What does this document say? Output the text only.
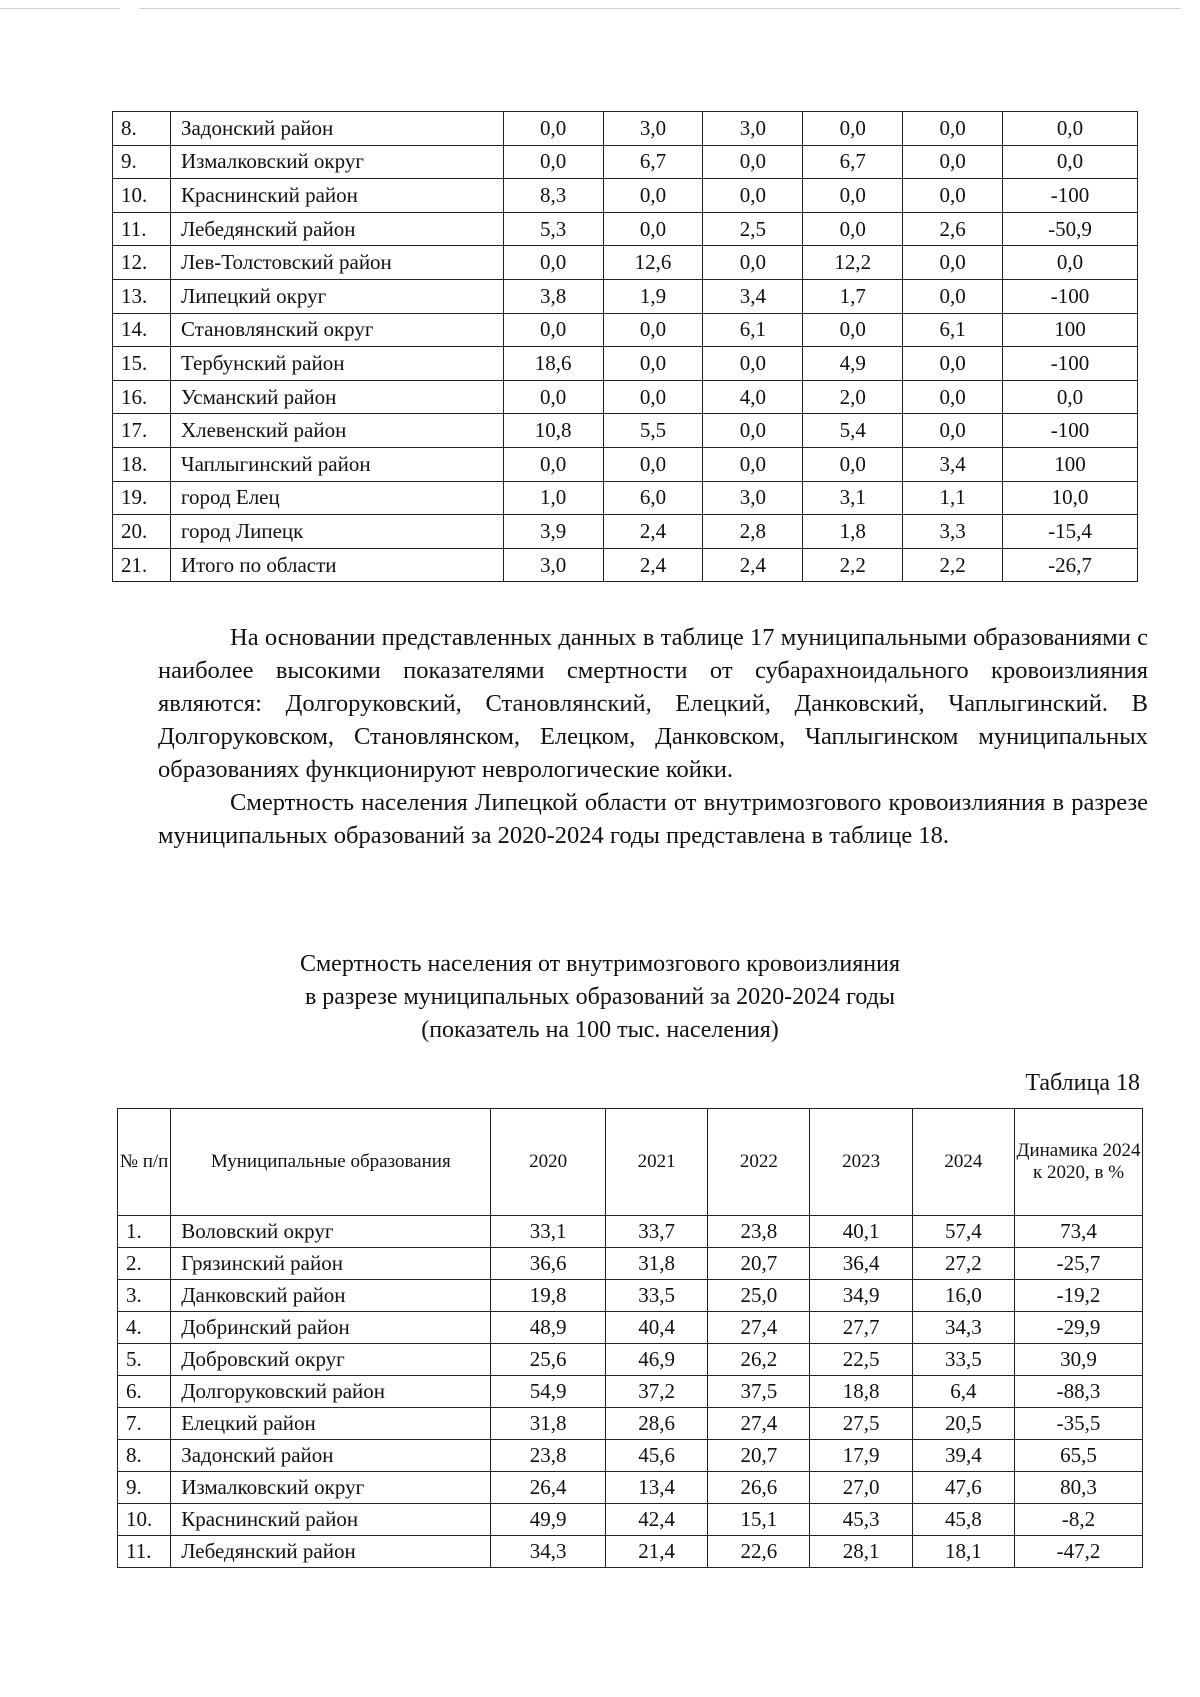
8.	Задонский район	0,0	3,0	3,0	0,0	0,0	0,0
9.	Измалковский округ	0,0	6,7	0,0	6,7	0,0	0,0
10.	Краснинский район	8,3	0,0	0,0	0,0	0,0	-100
11.	Лебедянский район	5,3	0,0	2,5	0,0	2,6	-50,9
12.	Лев-Толстовский район	0,0	12,6	0,0	12,2	0,0	0,0
13.	Липецкий округ	3,8	1,9	3,4	1,7	0,0	-100
14.	Становлянский округ	0,0	0,0	6,1	0,0	6,1	100
15.	Тербунский район	18,6	0,0	0,0	4,9	0,0	-100
16.	Усманский район	0,0	0,0	4,0	2,0	0,0	0,0
17.	Хлевенский район	10,8	5,5	0,0	5,4	0,0	-100
18.	Чаплыгинский район	0,0	0,0	0,0	0,0	3,4	100
19.	город Елец	1,0	6,0	3,0	3,1	1,1	10,0
20.	город Липецк	3,9	2,4	2,8	1,8	3,3	-15,4
21.	Итого по области	3,0	2,4	2,4	2,2	2,2	-26,7

На основании представленных данных в таблице 17 муниципальными образованиями с наиболее высокими показателями смертности от субарахноидального кровоизлияния являются: Долгоруковский, Становлянский, Елецкий, Данковский, Чаплыгинский. В Долгоруковском, Становлянском, Елецком, Данковском, Чаплыгинском муниципальных образованиях функционируют неврологические койки.

Смертность населения Липецкой области от внутримозгового кровоизлияния в разрезе муниципальных образований за 2020-2024 годы представлена в таблице 18.

Смертность населения от внутримозгового кровоизлияния
в разрезе муниципальных образований за 2020-2024 годы
(показатель на 100 тыс. населения)
Таблица 18
№ п/п	Муниципальные образования	2020	2021	2022	2023	2024	Динамика 2024 к 2020, в %
1.	Воловский округ	33,1	33,7	23,8	40,1	57,4	73,4
2.	Грязинский район	36,6	31,8	20,7	36,4	27,2	-25,7
3.	Данковский район	19,8	33,5	25,0	34,9	16,0	-19,2
4.	Добринский район	48,9	40,4	27,4	27,7	34,3	-29,9
5.	Добровский округ	25,6	46,9	26,2	22,5	33,5	30,9
6.	Долгоруковский район	54,9	37,2	37,5	18,8	6,4	-88,3
7.	Елецкий район	31,8	28,6	27,4	27,5	20,5	-35,5
8.	Задонский район	23,8	45,6	20,7	17,9	39,4	65,5
9.	Измалковский округ	26,4	13,4	26,6	27,0	47,6	80,3
10.	Краснинский район	49,9	42,4	15,1	45,3	45,8	-8,2
11.	Лебедянский район	34,3	21,4	22,6	28,1	18,1	-47,2
